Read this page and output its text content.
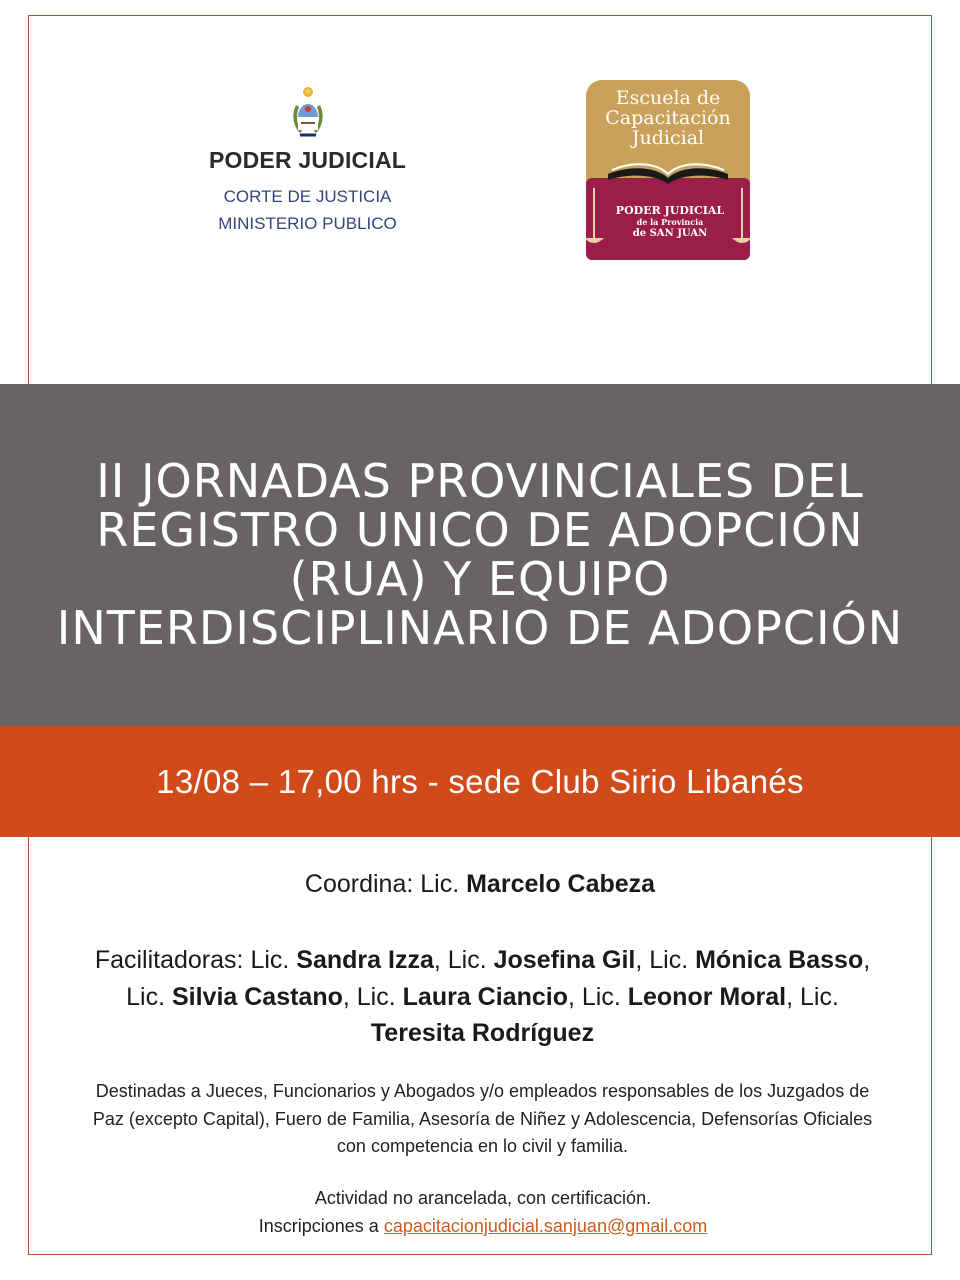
PODER JUDICIAL
CORTE DE JUSTICIA
MINISTERIO PUBLICO
Escuela de
Capacitación
Judicial
PODER JUDICIAL
de la Provincia
de SAN JUAN
II JORNADAS PROVINCIALES DEL REGISTRO UNICO DE ADOPCIÓN (RUA) Y EQUIPO INTERDISCIPLINARIO DE ADOPCIÓN
13/08 – 17,00 hrs - sede Club Sirio Libanés
Coordina: Lic. Marcelo Cabeza
Facilitadoras: Lic. Sandra Izza, Lic. Josefina Gil, Lic. Mónica Basso, Lic. Silvia Castano, Lic. Laura Ciancio, Lic. Leonor Moral, Lic. Teresita Rodríguez
Destinadas a Jueces, Funcionarios y Abogados y/o empleados responsables de los Juzgados de Paz (excepto Capital), Fuero de Familia, Asesoría de Niñez y Adolescencia, Defensorías Oficiales con competencia en lo civil y familia.
Actividad no arancelada, con certificación.
Inscripciones a capacitacionjudicial.sanjuan@gmail.com
